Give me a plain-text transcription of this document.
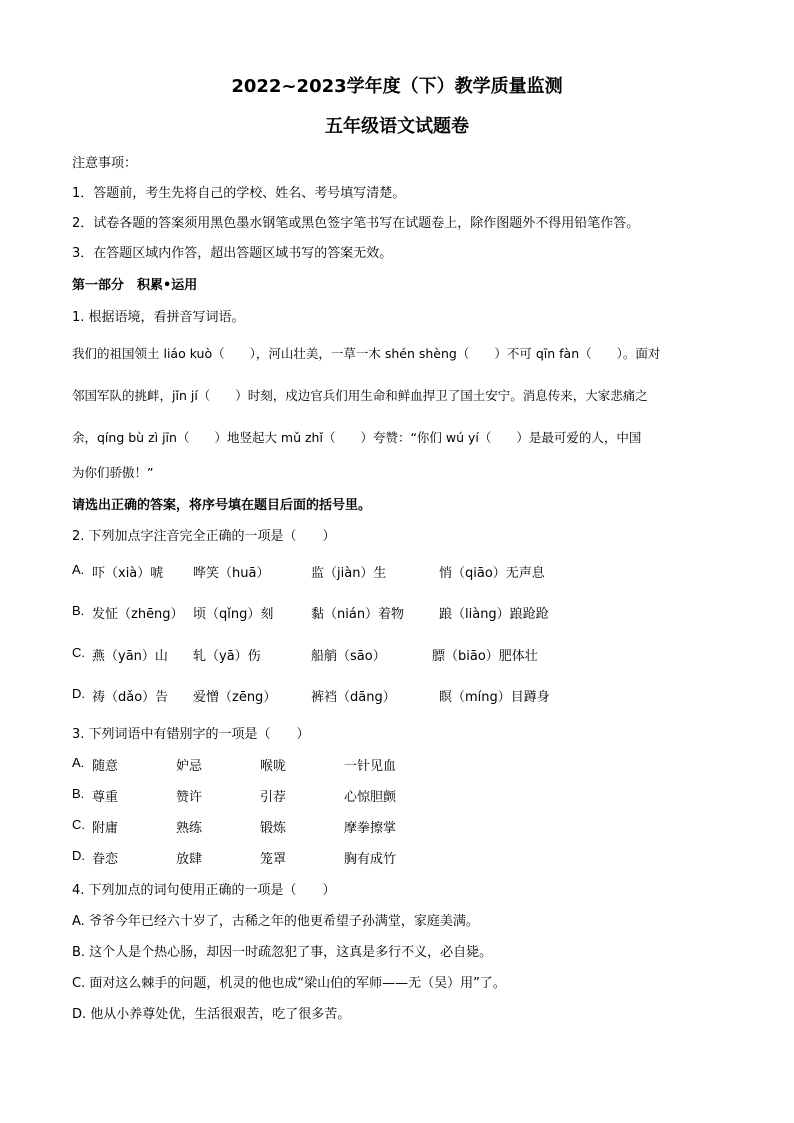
2022~2023学年度（下）教学质量监测
五年级语文试题卷
注意事项：
1．答题前，考生先将自己的学校、姓名、考号填写清楚。
2．试卷各题的答案须用黑色墨水钢笔或黑色签字笔书写在试题卷上，除作图题外不得用铅笔作答。
3．在答题区域内作答，超出答题区域书写的答案无效。
第一部分　积累•运用
1. 根据语境，看拼音写词语。
我们的祖国领土 liáo kuò（　　），河山壮美，一草一木 shén shèng（　　）不可 qīn fàn（　　）。面对
邻国军队的挑衅，jǐn jí（　　）时刻，戍边官兵们用生命和鲜血捍卫了国土安宁。消息传来，大家悲痛之
余，qíng bù zì jīn（　　）地竖起大 mǔ zhǐ（　　）夸赞：“你们 wú yí（　　）是最可爱的人，中国
为你们骄傲！”
请选出正确的答案，将序号填在题目后面的括号里。
2. 下列加点字注音完全正确的一项是（　　）
A. 吓（xià）唬 哗笑（huā）	监（jiàn）生	悄（qiāo）无声息
B. 发怔（zhēng） 顷（qǐng）刻	黏（nián）着物	踉（liàng）踉跄跄
C. 燕（yān）山 轧（yā）伤	船艄（sāo）	膘（biāo）肥体壮
D. 祷（dǎo）告 爱憎（zēng）	裤裆（dāng）	瞑（míng）目蹲身
3. 下列词语中有错别字的一项是（　　）
A. 随意	妒忌	喉咙	一针见血
B. 尊重	赞许	引荐	心惊胆颤
C. 附庸	熟练	锻炼	摩拳擦掌
D. 眷恋	放肆	笼罩	胸有成竹
4. 下列加点的词句使用正确的一项是（　　）
A. 爷爷今年已经六十岁了，古稀之年的他更希望子孙满堂，家庭美满。
B. 这个人是个热心肠，却因一时疏忽犯了事，这真是多行不义，必自毙。
C. 面对这么棘手的问题，机灵的他也成“梁山伯的军师——无（吴）用”了。
D. 他从小养尊处优，生活很艰苦，吃了很多苦。
